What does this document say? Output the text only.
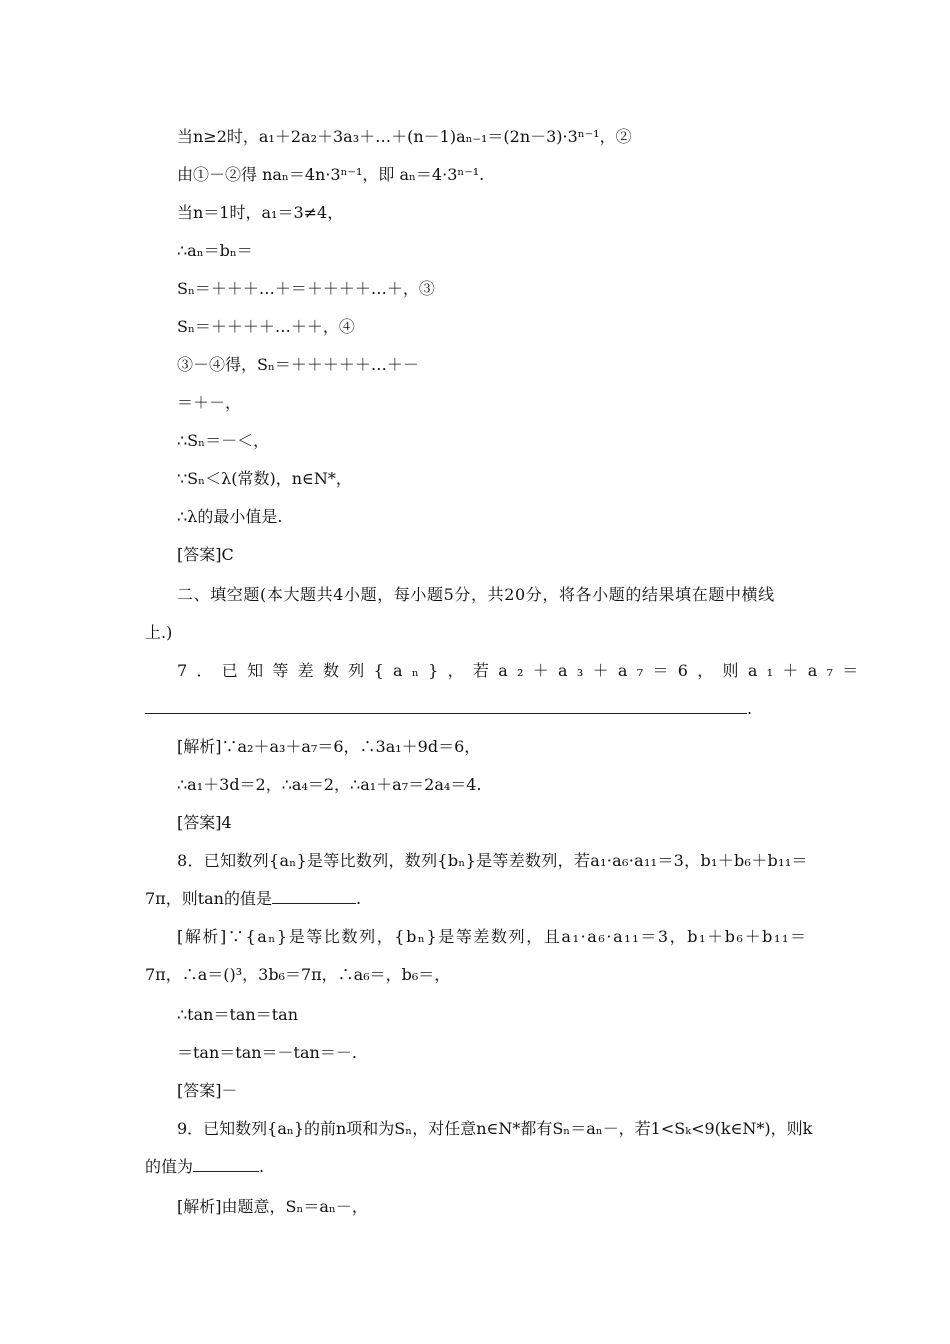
当n≥2时，a₁＋2a₂＋3a₃＋…＋(n－1)aₙ₋₁＝(2n－3)·3ⁿ⁻¹，②
由①－②得 naₙ＝4n·3ⁿ⁻¹，即 aₙ＝4·3ⁿ⁻¹.
当n＝1时，a₁＝3≠4，
∴aₙ＝bₙ＝
Sₙ＝＋＋＋…＋＝＋＋＋＋…＋，③
Sₙ＝＋＋＋＋…＋＋，④
③－④得，Sₙ＝＋＋＋＋＋…＋－
＝＋－，
∴Sₙ＝－＜，
∵Sₙ＜λ(常数)，n∈N*，
∴λ的最小值是.
[答案]C
二、填空题(本大题共4小题，每小题5分，共20分，将各小题的结果填在题中横线
上.)
7．已知等差数列{aₙ}，若a₂＋a₃＋a₇＝6，则a₁＋a₇＝
.
[解析]∵a₂＋a₃＋a₇＝6，∴3a₁＋9d＝6，
∴a₁＋3d＝2，∴a₄＝2，∴a₁＋a₇＝2a₄＝4.
[答案]4
8．已知数列{aₙ}是等比数列，数列{bₙ}是等差数列，若a₁·a₆·a₁₁＝3，b₁＋b₆＋b₁₁＝
7π，则tan的值是	.
[解析]∵{aₙ}是等比数列，{bₙ}是等差数列，且a₁·a₆·a₁₁＝3，b₁＋b₆＋b₁₁＝
7π，∴a＝()³，3b₆＝7π，∴a₆＝，b₆＝，
∴tan＝tan＝tan
＝tan＝tan＝－tan＝－.
[答案]－
9．已知数列{aₙ}的前n项和为Sₙ，对任意n∈N*都有Sₙ＝aₙ－，若1<Sₖ<9(k∈N*)，则k
的值为	.
[解析]由题意，Sₙ＝aₙ－，
